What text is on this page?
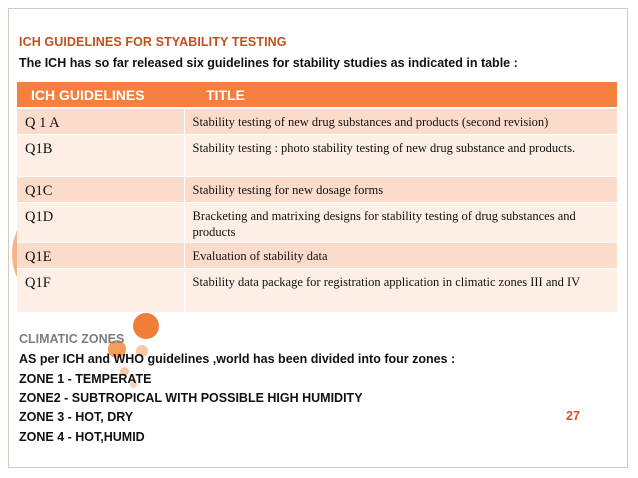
ICH GUIDELINES FOR STYABILITY TESTING
The ICH has so far released six guidelines for stability studies as indicated in table :
ICH GUIDELINES	TITLE
Q 1 A	Stability testing of new drug substances and products (second revision)
Q1B	Stability testing : photo stability testing of new drug substance and products.
Q1C	Stability testing for new dosage forms
Q1D	Bracketing and matrixing designs for stability testing of drug substances and products
Q1E	Evaluation of stability data
Q1F	Stability data package for registration application in climatic zones III and IV
CLIMATIC ZONES
AS per ICH and WHO guidelines ,world has been divided into four zones :
ZONE 1 - TEMPERATE
ZONE2 - SUBTROPICAL WITH POSSIBLE HIGH HUMIDITY
ZONE 3 - HOT, DRY
ZONE 4 - HOT,HUMID
27
